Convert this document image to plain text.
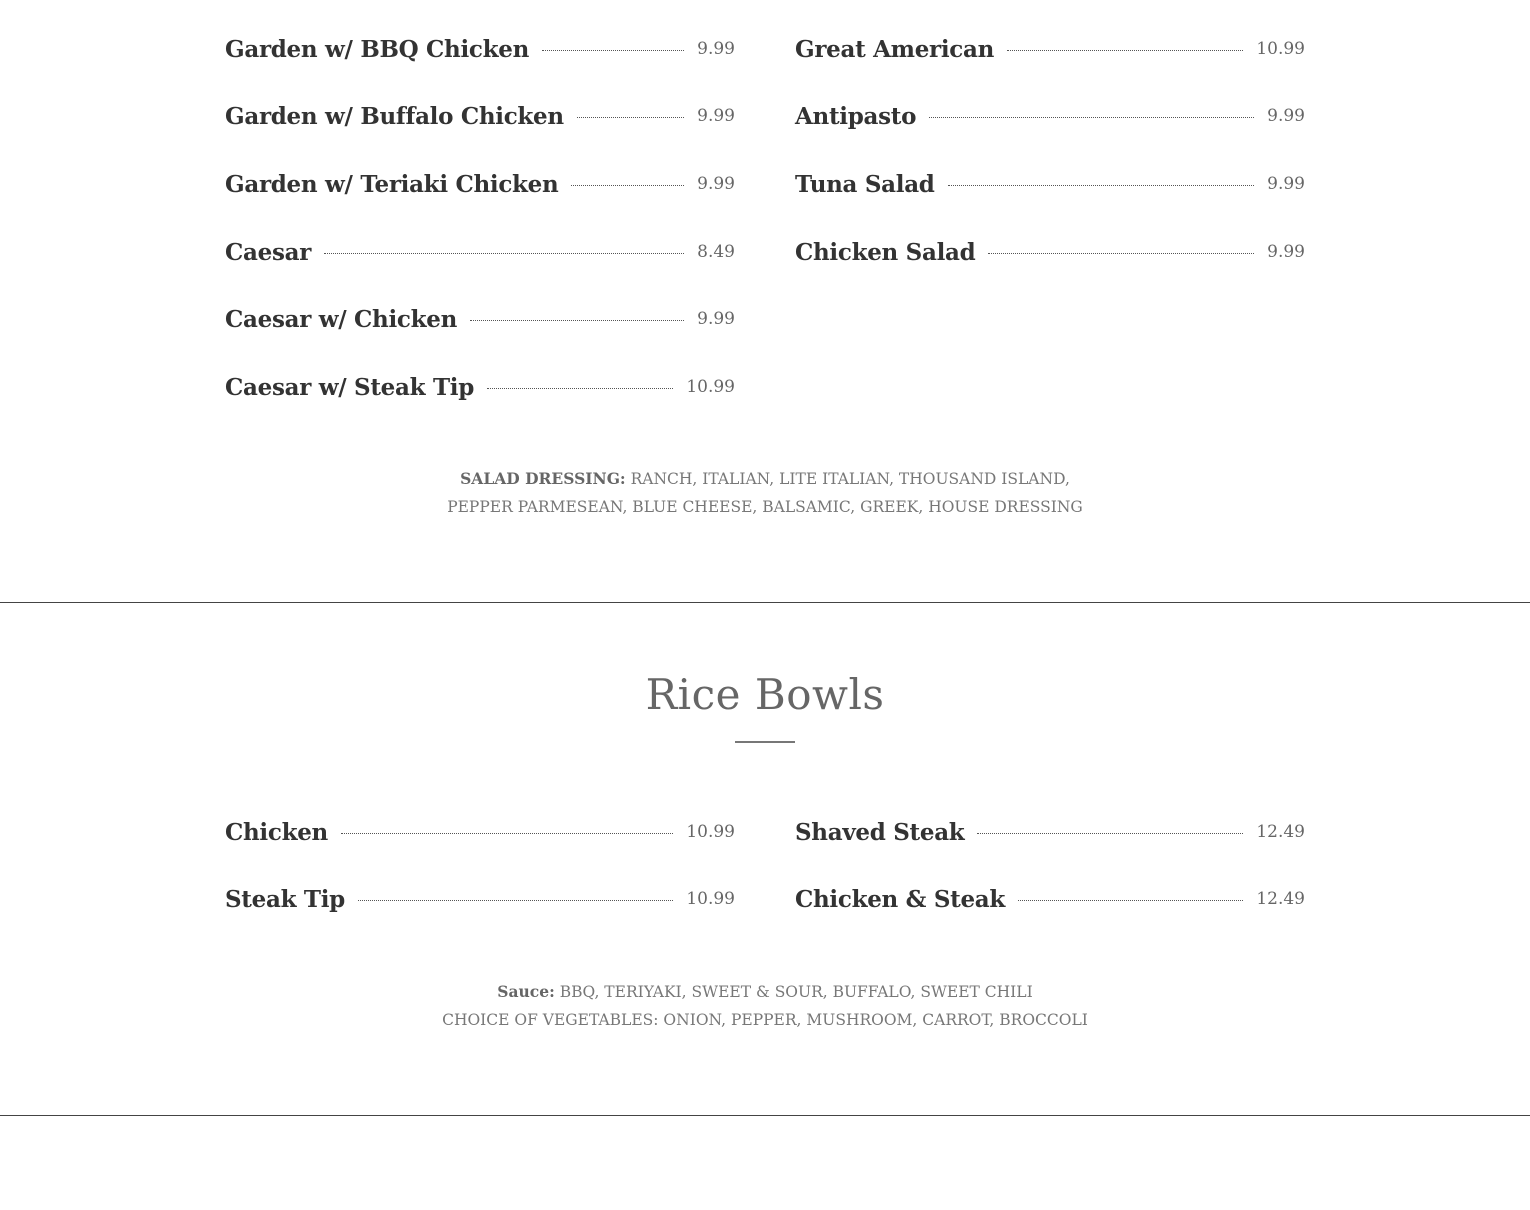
Garden w/ BBQ Chicken	9.99
Garden w/ Buffalo Chicken	9.99
Garden w/ Teriaki Chicken	9.99
Caesar	8.49
Caesar w/ Chicken	9.99
Caesar w/ Steak Tip	10.99
Great American	10.99
Antipasto	9.99
Tuna Salad	9.99
Chicken Salad	9.99
SALAD DRESSING: RANCH, ITALIAN, LITE ITALIAN, THOUSAND ISLAND,
PEPPER PARMESEAN, BLUE CHEESE, BALSAMIC, GREEK, HOUSE DRESSING
Rice Bowls
Chicken	10.99
Steak Tip	10.99
Shaved Steak	12.49
Chicken & Steak	12.49
Sauce: BBQ, TERIYAKI, SWEET & SOUR, BUFFALO, SWEET CHILI
CHOICE OF VEGETABLES: ONION, PEPPER, MUSHROOM, CARROT, BROCCOLI
